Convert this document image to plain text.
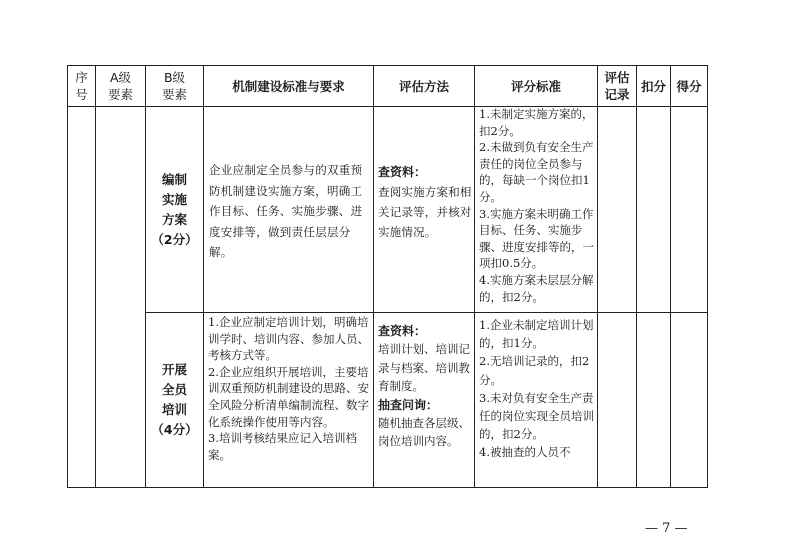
序
号
A级
要素
B级
要素
机制建设标准与要求	评估方法	评分标准
评估
记录
扣分 得分
编制
实施
方案
（2分）
企业应制定全员参与的双重预防机制建设实施方案，明确工作目标、任务、实施步骤、进度安排等，做到责任层层分解。
查资料：
查阅实施方案和相关记录等，并核对实施情况。
1.未制定实施方案的，扣2分。
2.未做到负有安全生产责任的岗位全员参与的，每缺一个岗位扣1分。
3.实施方案未明确工作目标、任务、实施步骤、进度安排等的，一项扣0.5分。
4.实施方案未层层分解的，扣2分。
开展
全员
培训
（4分）
1.企业应制定培训计划，明确培训学时、培训内容、参加人员、考核方式等。
2.企业应组织开展培训，主要培训双重预防机制建设的思路、安全风险分析清单编制流程、数字化系统操作使用等内容。
3.培训考核结果应记入培训档案。
查资料：
培训计划、培训记录与档案、培训教育制度。
抽查问询：
随机抽查各层级、岗位培训内容。
1.企业未制定培训计划的，扣1分。
2.无培训记录的，扣2分。
3.未对负有安全生产责任的岗位实现全员培训的，扣2分。
4.被抽查的人员不
— 7 —
